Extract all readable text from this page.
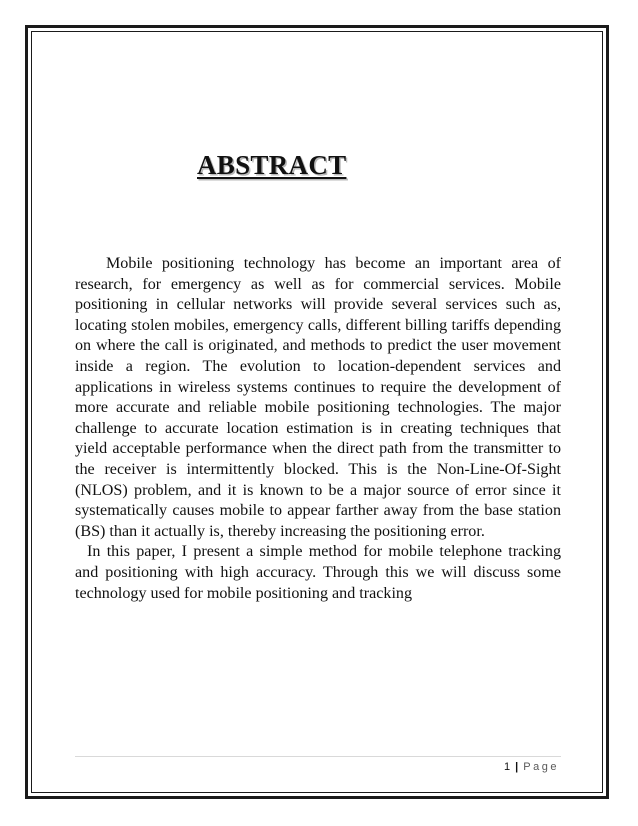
ABSTRACT

Mobile positioning technology has become an important area of research, for emergency as well as for commercial services. Mobile positioning in cellular networks will provide several services such as, locating stolen mobiles, emergency calls, different billing tariffs depending on where the call is originated, and methods to predict the user movement inside a region. The evolution to location-dependent services and applications in wireless systems continues to require the development of more accurate and reliable mobile positioning technologies. The major challenge to accurate location estimation is in creating techniques that yield acceptable performance when the direct path from the transmitter to the receiver is intermittently blocked. This is the Non-Line-Of-Sight (NLOS) problem, and it is known to be a major source of error since it systematically causes mobile to appear farther away from the base station (BS) than it actually is, thereby increasing the positioning error.

In this paper, I present a simple method for mobile telephone tracking and positioning with high accuracy. Through this we will discuss some technology used for mobile positioning and tracking

1 | Page
